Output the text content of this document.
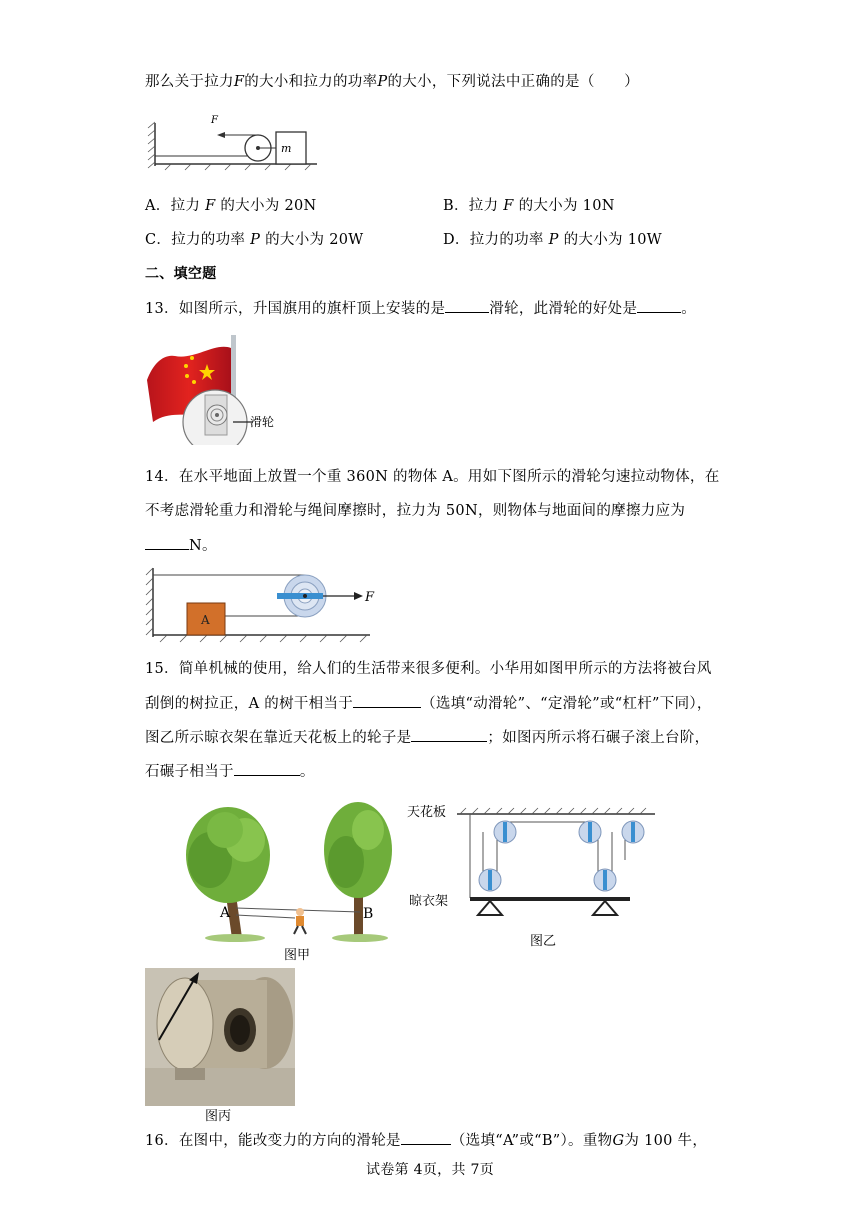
那么关于拉力F的大小和拉力的功率P的大小，下列说法中正确的是（　　）
F
m
A．拉力 F 的大小为 20N	B．拉力 F 的大小为 10N
C．拉力的功率 P 的大小为 20W	D．拉力的功率 P 的大小为 10W
二、填空题
13．如图所示，升国旗用的旗杆顶上安装的是	滑轮，此滑轮的好处是	。
滑轮
14．在水平地面上放置一个重 360N 的物体 A。用如下图所示的滑轮匀速拉动物体，在
不考虑滑轮重力和滑轮与绳间摩擦时，拉力为 50N，则物体与地面间的摩擦力应为
N。
A
F
15．简单机械的使用，给人们的生活带来很多便利。小华用如图甲所示的方法将被台风
刮倒的树拉正，A 的树干相当于	（选填“动滑轮”、“定滑轮”或“杠杆”下同），
图乙所示晾衣架在靠近天花板上的轮子是	；如图丙所示将石碾子滚上台阶，
石碾子相当于	。
A	B
图甲
天花板
晾衣架
图乙
图丙
16．在图中，能改变力的方向的滑轮是	（选填“A”或“B”）。重物G为 100 牛，
试卷第 4页，共 7页
